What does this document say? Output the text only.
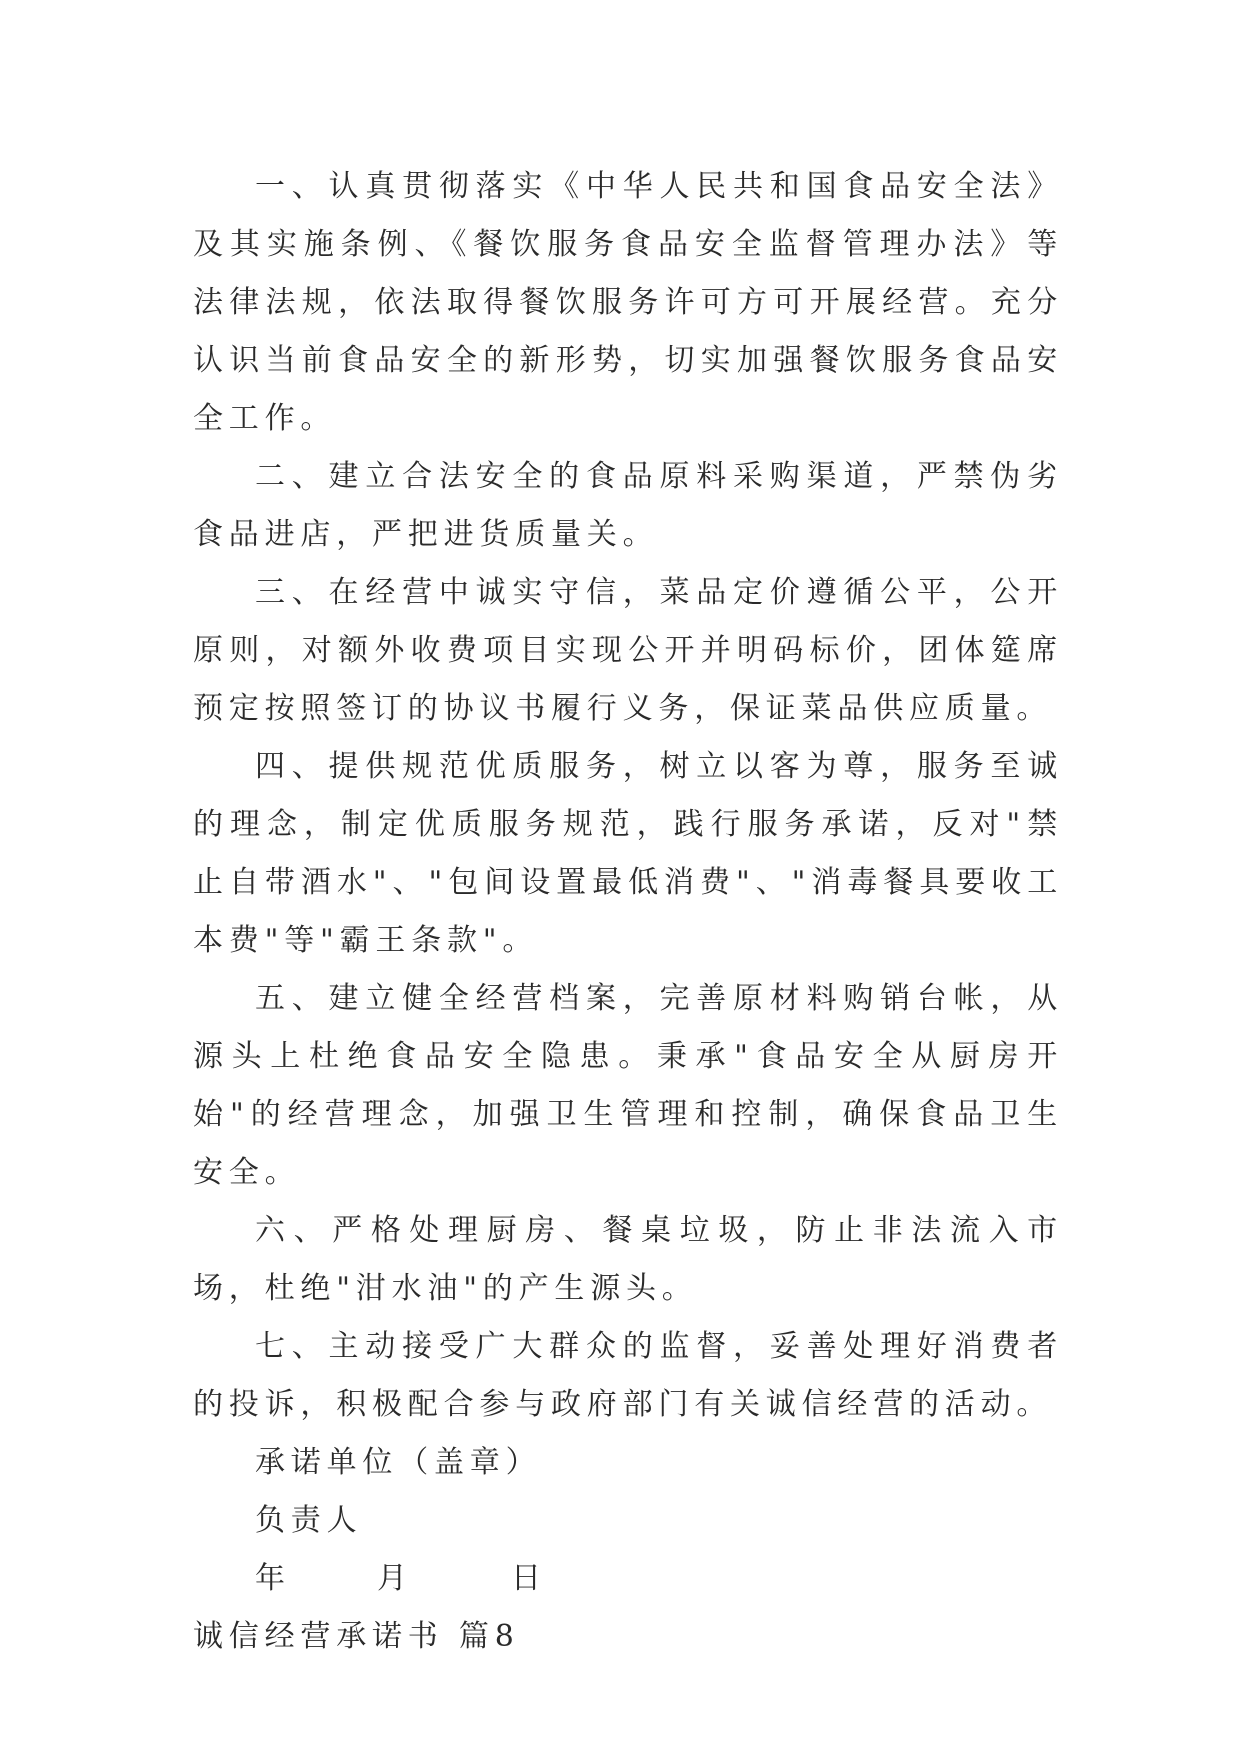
一、认真贯彻落实《中华人民共和国食品安全法》及其实施条例、《餐饮服务食品安全监督管理办法》等法律法规，依法取得餐饮服务许可方可开展经营。充分认识当前食品安全的新形势，切实加强餐饮服务食品安全工作。

二、建立合法安全的食品原料采购渠道，严禁伪劣食品进店，严把进货质量关。

三、在经营中诚实守信，菜品定价遵循公平，公开原则，对额外收费项目实现公开并明码标价，团体筵席预定按照签订的协议书履行义务，保证菜品供应质量。

四、提供规范优质服务，树立以客为尊，服务至诚的理念，制定优质服务规范，践行服务承诺，反对"禁止自带酒水"、"包间设置最低消费"、"消毒餐具要收工本费"等"霸王条款"。

五、建立健全经营档案，完善原材料购销台帐，从源头上杜绝食品安全隐患。秉承"食品安全从厨房开始"的经营理念，加强卫生管理和控制，确保食品卫生安全。

六、严格处理厨房、餐桌垃圾，防止非法流入市场，杜绝"泔水油"的产生源头。

七、主动接受广大群众的监督，妥善处理好消费者的投诉，积极配合参与政府部门有关诚信经营的活动。

承诺单位（盖章）

负责人

年	月	日

诚信经营承诺书 篇8
